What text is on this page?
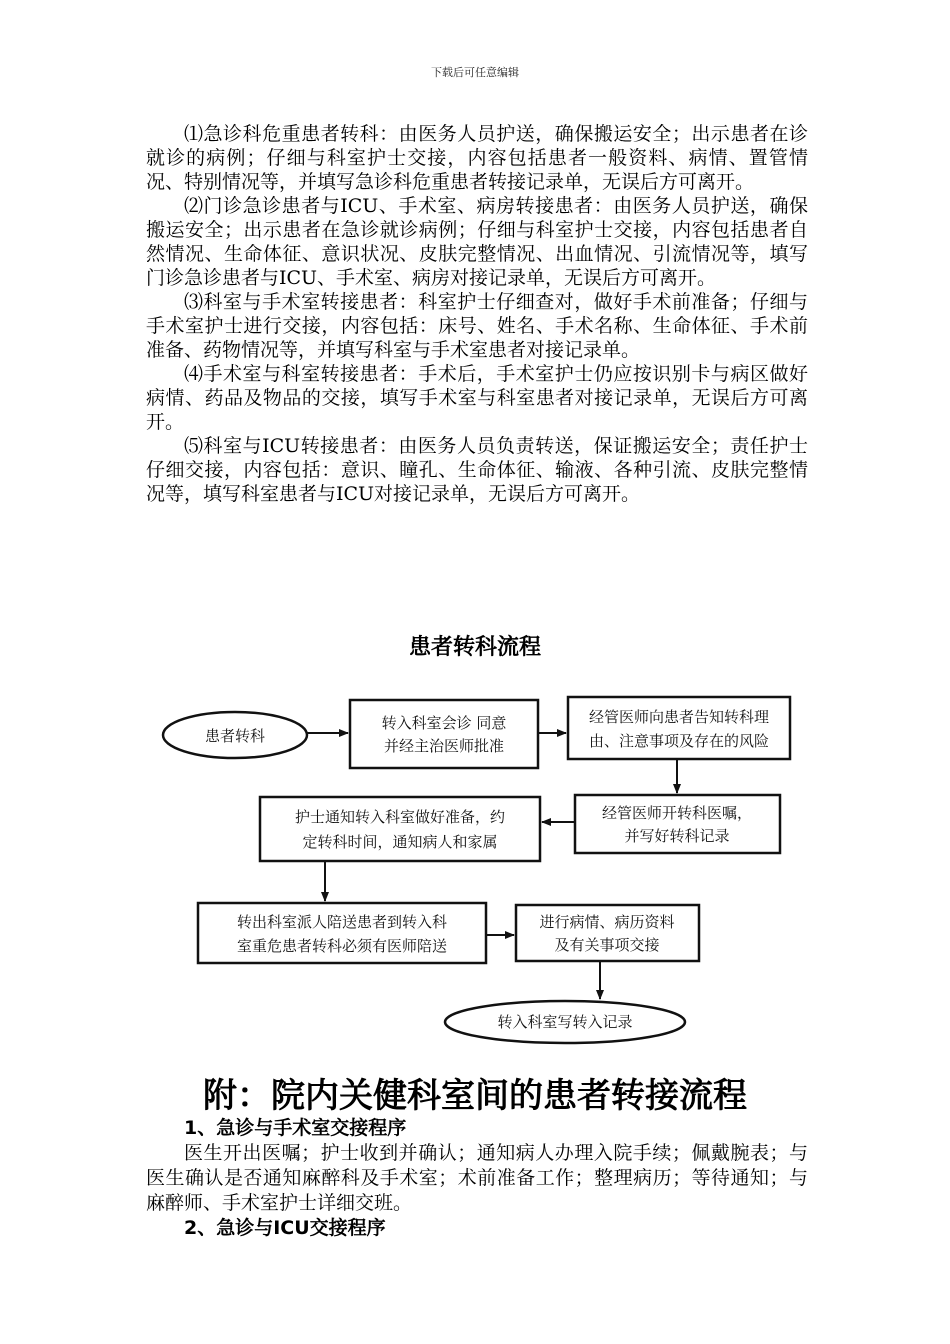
下载后可任意编辑

⑴急诊科危重患者转科：由医务人员护送，确保搬运安全；出示患者在诊就诊的病例；仔细与科室护士交接，内容包括患者一般资料、病情、置管情况、特别情况等，并填写急诊科危重患者转接记录单，无误后方可离开。

⑵门诊急诊患者与ICU、手术室、病房转接患者：由医务人员护送，确保搬运安全；出示患者在急诊就诊病例；仔细与科室护士交接，内容包括患者自然情况、生命体征、意识状况、皮肤完整情况、出血情况、引流情况等，填写门诊急诊患者与ICU、手术室、病房对接记录单，无误后方可离开。

⑶科室与手术室转接患者：科室护士仔细查对，做好手术前准备；仔细与手术室护士进行交接，内容包括：床号、姓名、手术名称、生命体征、手术前准备、药物情况等，并填写科室与手术室患者对接记录单。

⑷手术室与科室转接患者：手术后，手术室护士仍应按识别卡与病区做好病情、药品及物品的交接，填写手术室与科室患者对接记录单，无误后方可离开。

⑸科室与ICU转接患者：由医务人员负责转送，保证搬运安全；责任护士仔细交接，内容包括：意识、瞳孔、生命体征、输液、各种引流、皮肤完整情况等，填写科室患者与ICU对接记录单，无误后方可离开。

患者转科流程
患者转科
转入科室会诊 同意
并经主治医师批准
经管医师向患者告知转科理
由、注意事项及存在的风险
经管医师开转科医嘱，
并写好转科记录
护士通知转入科室做好准备，约
定转科时间，通知病人和家属
转出科室派人陪送患者到转入科
室重危患者转科必须有医师陪送
进行病情、病历资料
及有关事项交接
转入科室写转入记录
附：院内关健科室间的患者转接流程

1、急诊与手术室交接程序

医生开出医嘱；护士收到并确认；通知病人办理入院手续；佩戴腕表；与医生确认是否通知麻醉科及手术室；术前准备工作；整理病历；等待通知；与麻醉师、手术室护士详细交班。

2、急诊与ICU交接程序
